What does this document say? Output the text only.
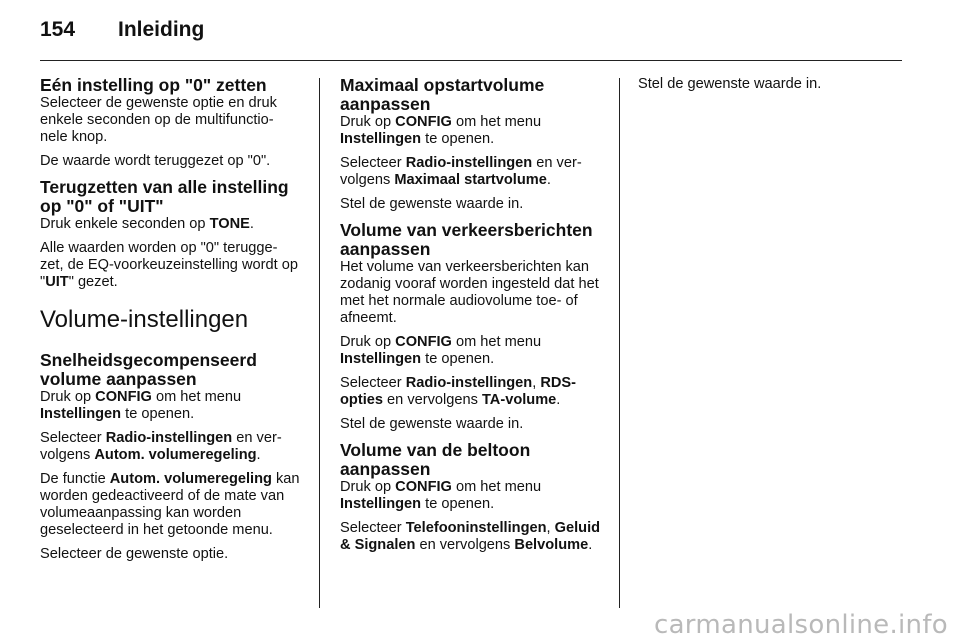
154 Inleiding
Eén instelling op "0" zetten

Selecteer de gewenste optie en druk enkele seconden op de multifunctio- nele knop.

De waarde wordt teruggezet op "0".

Terugzetten van alle instelling op "0" of "UIT"

Druk enkele seconden op TONE.

Alle waarden worden op "0" terugge- zet, de EQ-voorkeuzeinstelling wordt op "UIT" gezet.

Volume-instellingen
Snelheidsgecompenseerd volume aanpassen

Druk op CONFIG om het menu Instellingen te openen.

Selecteer Radio-instellingen en ver- volgens Autom. volumeregeling.

De functie Autom. volumeregeling kan worden gedeactiveerd of de mate van volumeaanpassing kan worden geselecteerd in het getoonde menu.

Selecteer de gewenste optie.

Maximaal opstartvolume aanpassen

Druk op CONFIG om het menu Instellingen te openen.

Selecteer Radio-instellingen en ver- volgens Maximaal startvolume.

Stel de gewenste waarde in.

Volume van verkeersberichten aanpassen

Het volume van verkeersberichten kan zodanig vooraf worden ingesteld dat het met het normale audiovolume toe- of afneemt.

Druk op CONFIG om het menu Instellingen te openen.

Selecteer Radio-instellingen, RDS- opties en vervolgens TA-volume.

Stel de gewenste waarde in.

Volume van de beltoon aanpassen

Druk op CONFIG om het menu Instellingen te openen.

Selecteer Telefooninstellingen, Geluid & Signalen en vervolgens Belvolume.

Stel de gewenste waarde in.

carmanualsonline.info
